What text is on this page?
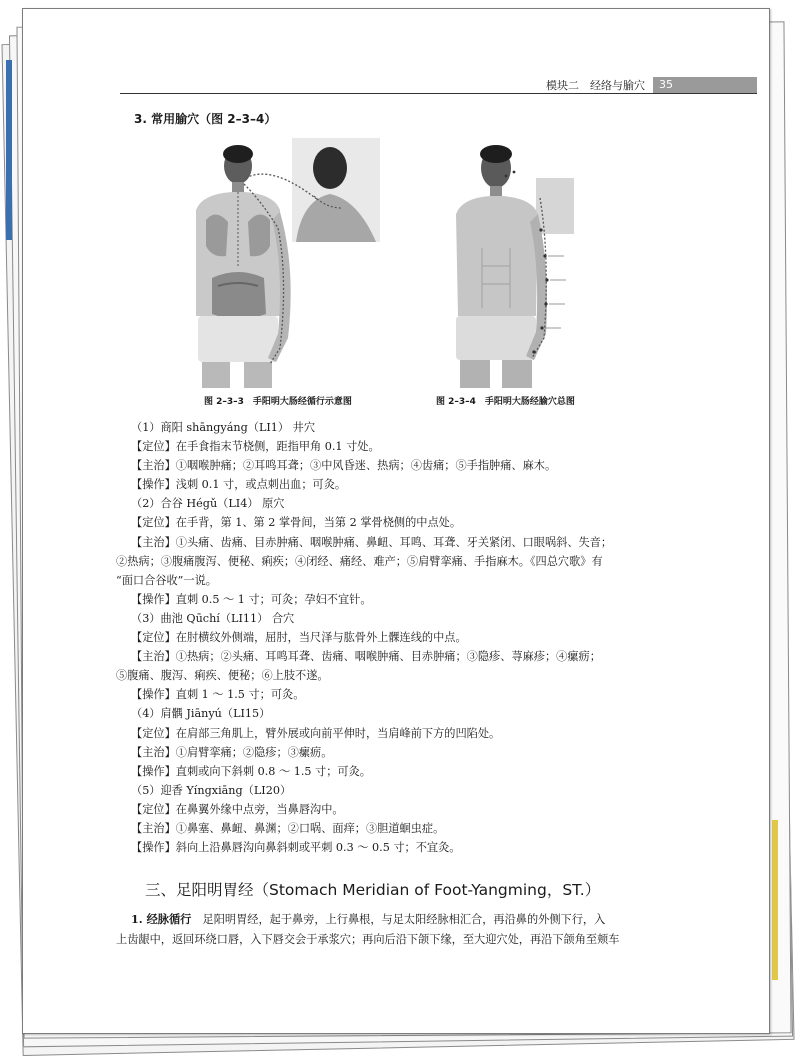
模块二　经络与腧穴	35
3. 常用腧穴（图 2–3–4）
图 2–3–3　手阳明大肠经循行示意图	图 2–3–4　手阳明大肠经腧穴总图

（1）商阳 shāngyáng（LI1） 井穴

【定位】在手食指末节桡侧，距指甲角 0.1 寸处。

【主治】①咽喉肿痛；②耳鸣耳聋；③中风昏迷、热病；④齿痛；⑤手指肿痛、麻木。

【操作】浅刺 0.1 寸，或点刺出血；可灸。

（2）合谷 Hégǔ（LI4） 原穴

【定位】在手背，第 1、第 2 掌骨间，当第 2 掌骨桡侧的中点处。

【主治】①头痛、齿痛、目赤肿痛、咽喉肿痛、鼻衄、耳鸣、耳聋、牙关紧闭、口眼㖞斜、失音；

②热病；③腹痛腹泻、便秘、痢疾；④闭经、痛经、难产；⑤肩臂挛痛、手指麻木。《四总穴歌》有

“面口合谷收”一说。

【操作】直刺 0.5 ～ 1 寸；可灸；孕妇不宜针。

（3）曲池 Qūchí（LI11） 合穴

【定位】在肘横纹外侧端，屈肘，当尺泽与肱骨外上髁连线的中点。

【主治】①热病；②头痛、耳鸣耳聋、齿痛、咽喉肿痛、目赤肿痛；③隐疹、荨麻疹；④瘰疬；

⑤腹痛、腹泻、痢疾、便秘；⑥上肢不遂。

【操作】直刺 1 ～ 1.5 寸；可灸。

（4）肩髃 Jiānyú（LI15）

【定位】在肩部三角肌上，臂外展或向前平伸时，当肩峰前下方的凹陷处。

【主治】①肩臂挛痛；②隐疹；③瘰疬。

【操作】直刺或向下斜刺 0.8 ～ 1.5 寸；可灸。

（5）迎香 Yíngxiāng（LI20）

【定位】在鼻翼外缘中点旁，当鼻唇沟中。

【主治】①鼻塞、鼻衄、鼻渊；②口㖞、面痒；③胆道蛔虫症。

【操作】斜向上沿鼻唇沟向鼻斜刺或平刺 0.3 ～ 0.5 寸；不宜灸。

三、足阳明胃经（Stomach Meridian of Foot-Yangming，ST.）

1. 经脉循行　 足阳明胃经，起于鼻旁，上行鼻根，与足太阳经脉相汇合，再沿鼻的外侧下行，入

上齿龈中，返回环绕口唇，入下唇交会于承浆穴；再向后沿下颌下缘，至大迎穴处，再沿下颌角至颊车
